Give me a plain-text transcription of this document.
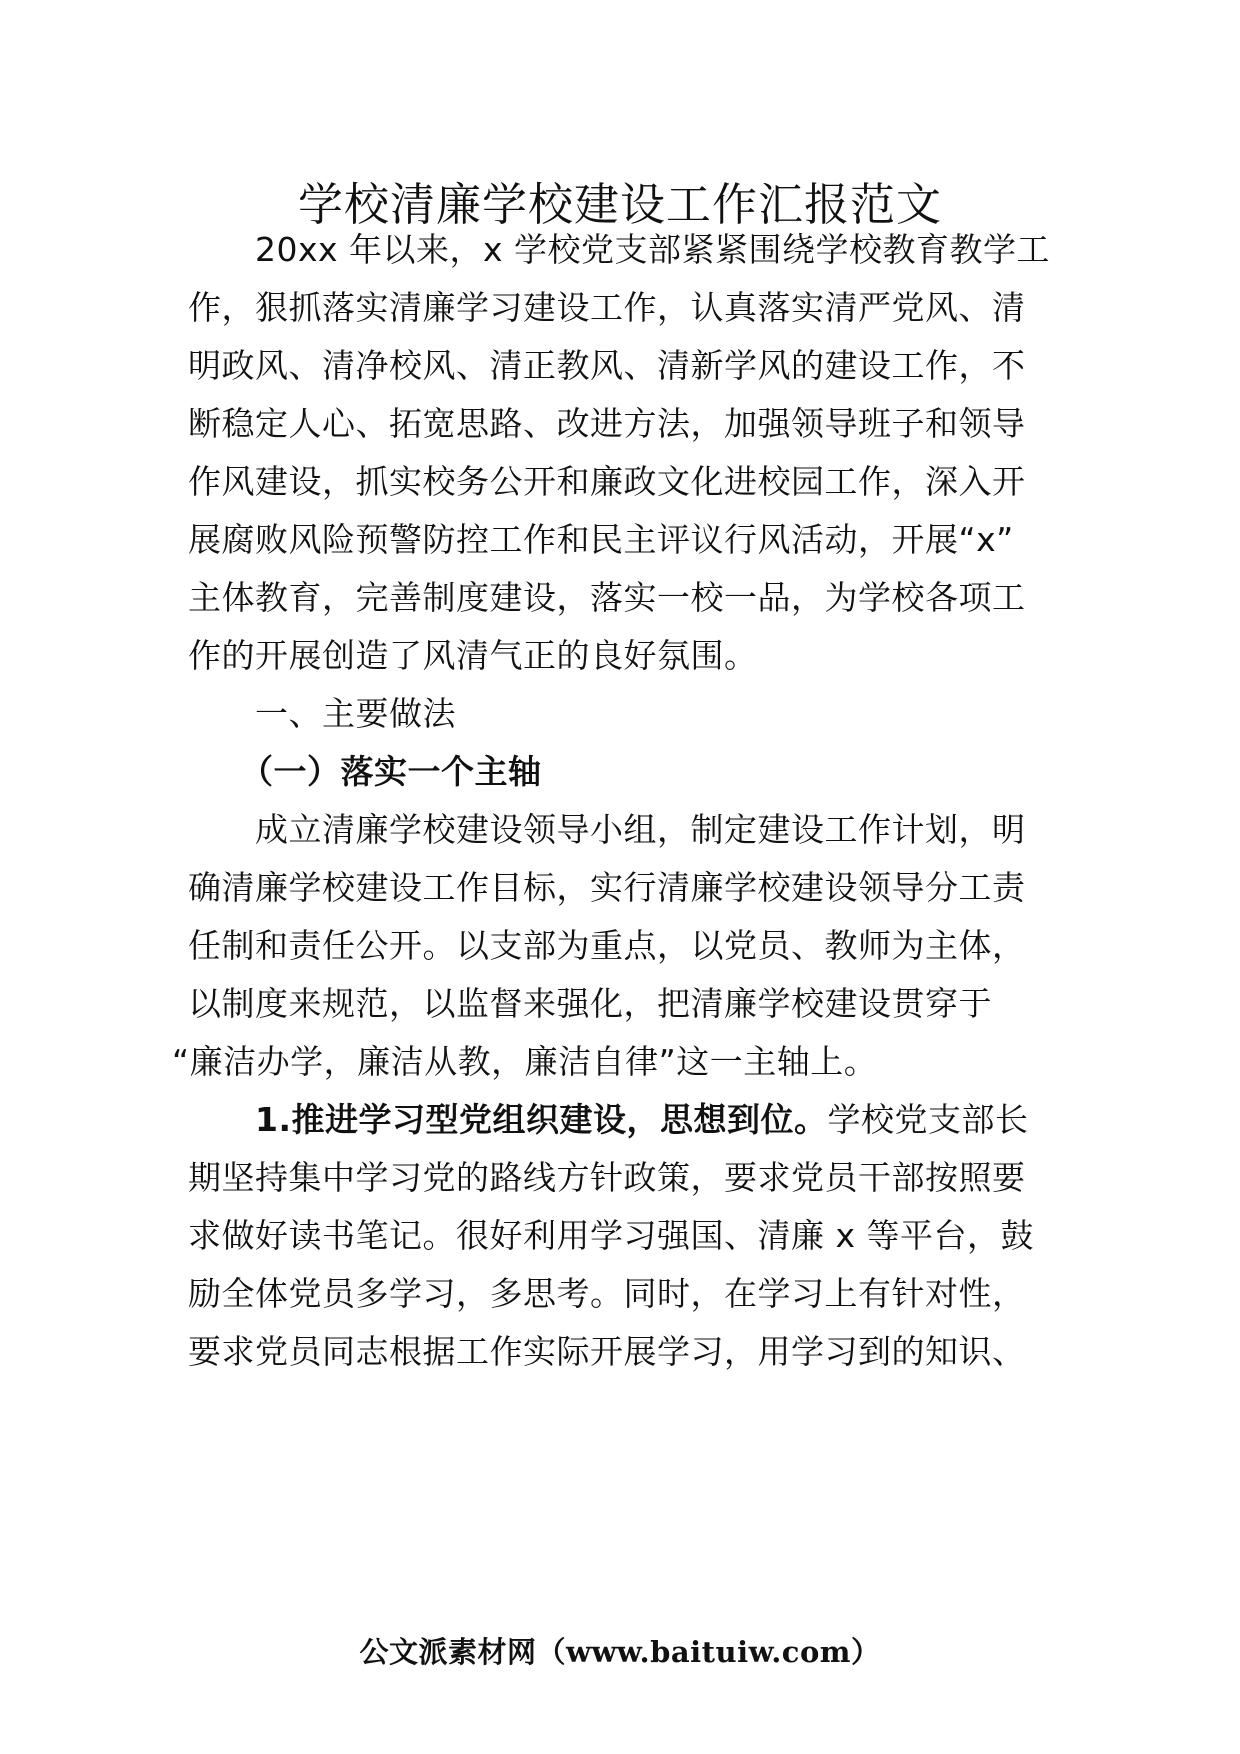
学校清廉学校建设工作汇报范文
20xx 年以来，x 学校党支部紧紧围绕学校教育教学工
作，狠抓落实清廉学习建设工作，认真落实清严党风、清
明政风、清净校风、清正教风、清新学风的建设工作，不
断稳定人心、拓宽思路、改进方法，加强领导班子和领导
作风建设，抓实校务公开和廉政文化进校园工作，深入开
展腐败风险预警防控工作和民主评议行风活动，开展“x”
主体教育，完善制度建设，落实一校一品，为学校各项工
作的开展创造了风清气正的良好氛围。
一、主要做法
（一）落实一个主轴
成立清廉学校建设领导小组，制定建设工作计划，明
确清廉学校建设工作目标，实行清廉学校建设领导分工责
任制和责任公开。以支部为重点，以党员、教师为主体，
以制度来规范，以监督来强化，把清廉学校建设贯穿于
“廉洁办学，廉洁从教，廉洁自律”这一主轴上。
1.推进学习型党组织建设，思想到位。学校党支部长
期坚持集中学习党的路线方针政策，要求党员干部按照要
求做好读书笔记。很好利用学习强国、清廉 x 等平台，鼓
励全体党员多学习，多思考。同时，在学习上有针对性，
要求党员同志根据工作实际开展学习，用学习到的知识、
公文派素材网（www.baituiw.com）
